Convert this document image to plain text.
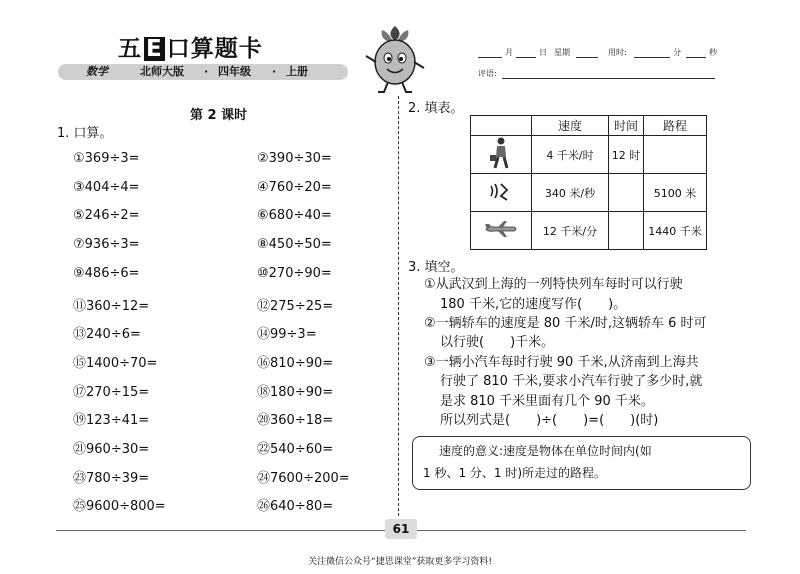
五 E 口算题卡
数学	北师大版 · 四年级 · 上册
月	日 星期	用时:	分	秒
评语:
第 2 课时
1. 口算。
①369÷3=
③404÷4=
⑤246÷2=
⑦936÷3=
⑨486÷6=
⑪360÷12=
⑬240÷6=
⑮1400÷70=
⑰270÷15=
⑲123÷41=
㉑960÷30=
㉓780÷39=
㉕9600÷800=
②390÷30=
④760÷20=
⑥680÷40=
⑧450÷50=
⑩270÷90=
⑫275÷25=
⑭99÷3=
⑯810÷90=
⑱180÷90=
⑳360÷18=
㉒540÷60=
㉔7600÷200=
㉖640÷80=
2. 填表。
	速度	时间	路程
	4 千米/时	12 时	
	340 米/秒		5100 米
	12 千米/分		1440 千米
3. 填空。
①从武汉到上海的一列特快列车每时可以行驶
180 千米,它的速度写作(　　)。
②一辆轿车的速度是 80 千米/时,这辆轿车 6 时可
以行驶(　　)千米。
③一辆小汽车每时行驶 90 千米,从济南到上海共
行驶了 810 千米,要求小汽车行驶了多少时,就
是求 810 千米里面有几个 90 千米。
所以列式是(　　)÷(　　)=(　　)(时)
速度的意义:速度是物体在单位时间内(如
1 秒、1 分、1 时)所走过的路程。
61
关注微信公众号“捷思课堂”获取更多学习资料!
